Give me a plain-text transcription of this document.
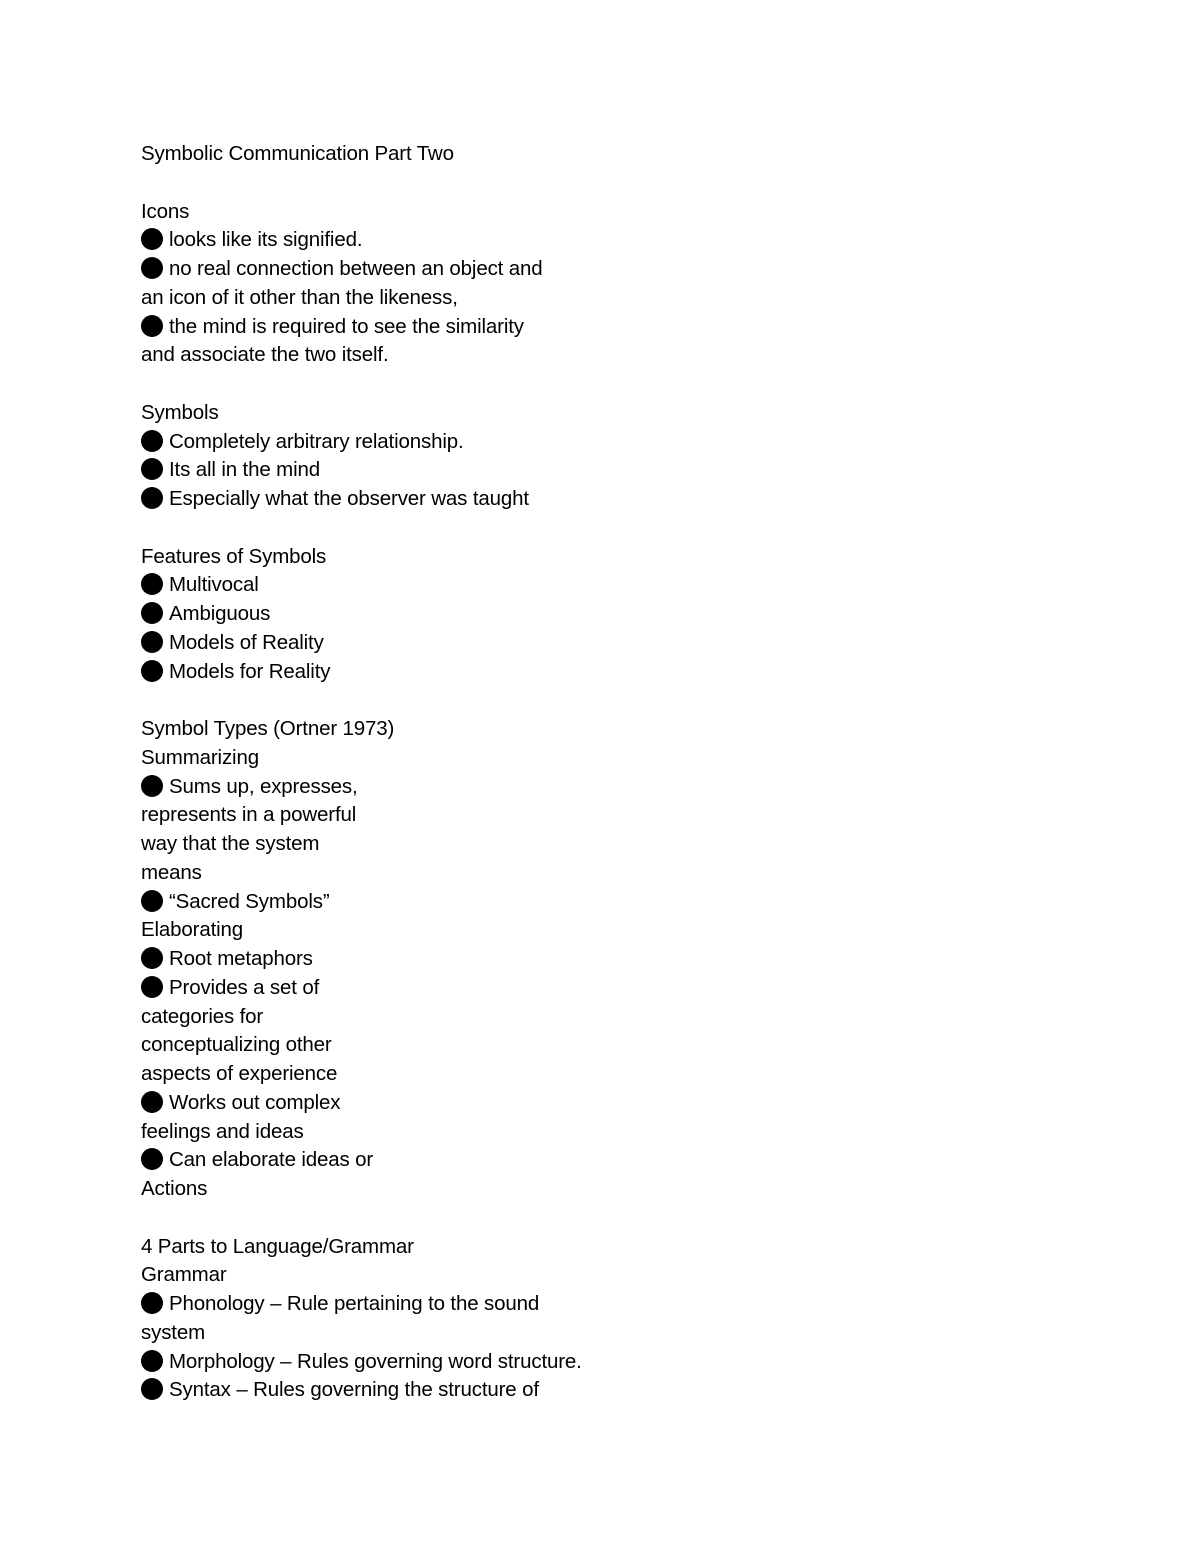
Symbolic Communication Part Two
Icons
looks like its signified.
no real connection between an object and
an icon of it other than the likeness,
the mind is required to see the similarity
and associate the two itself.
Symbols
Completely arbitrary relationship.
Its all in the mind
Especially what the observer was taught
Features of Symbols
Multivocal
Ambiguous
Models of Reality
Models for Reality
Symbol Types (Ortner 1973)
Summarizing
Sums up, expresses,
represents in a powerful
way that the system
means
“Sacred Symbols”
Elaborating
Root metaphors
Provides a set of
categories for
conceptualizing other
aspects of experience
Works out complex
feelings and ideas
Can elaborate ideas or
Actions
4 Parts to Language/Grammar
Grammar
Phonology – Rule pertaining to the sound
system
Morphology – Rules governing word structure.
Syntax – Rules governing the structure of
